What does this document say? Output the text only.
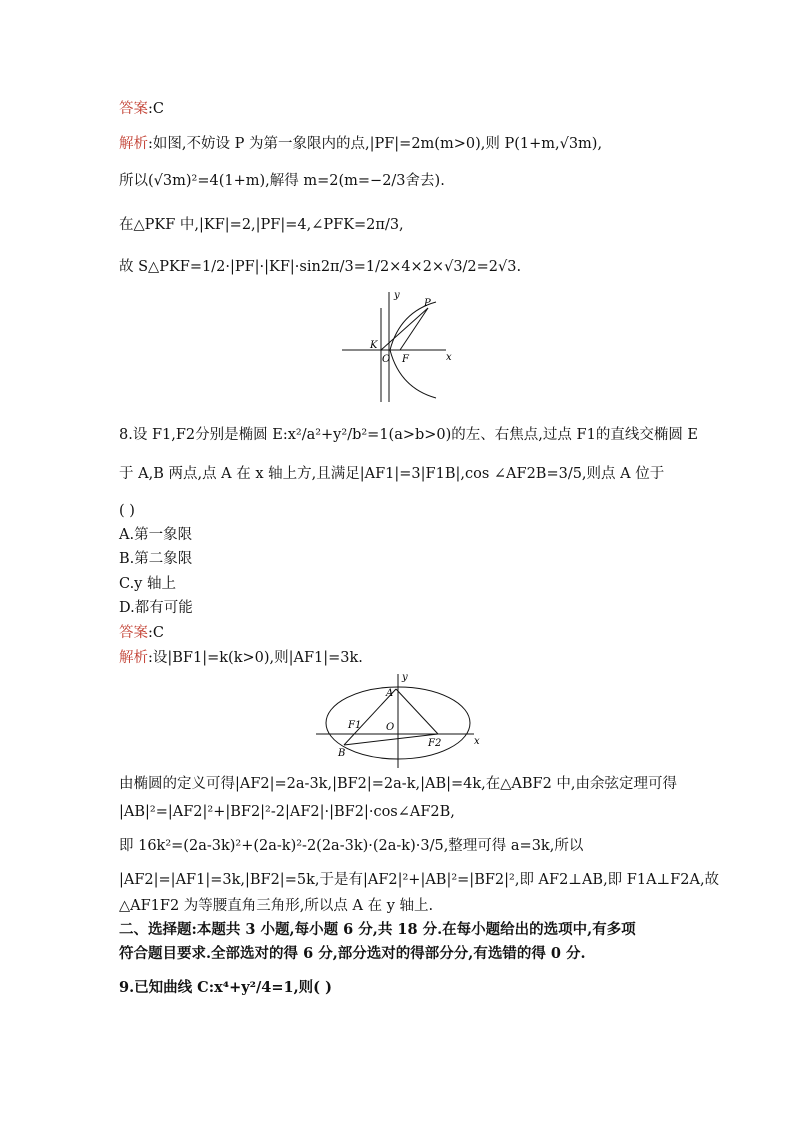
答案:C
解析:如图,不妨设 P 为第一象限内的点,|PF|=2m(m>0),则 P(1+m,√3m),
所以(√3m)²=4(1+m),解得 m=2(m=−2/3舍去).
在△PKF 中,|KF|=2,|PF|=4,∠PFK=2π/3,
故 S△PKF=1/2·|PF|·|KF|·sin2π/3=1/2×4×2×√3/2=2√3.
y
x
P
K
O F
8.设 F1,F2分别是椭圆 E:x²/a²+y²/b²=1(a>b>0)的左、右焦点,过点 F1的直线交椭圆 E
于 A,B 两点,点 A 在 x 轴上方,且满足|AF1|=3|F1B|,cos ∠AF2B=3/5,则点 A 位于
( )
A.第一象限
B.第二象限
C.y 轴上
D.都有可能
答案:C
解析:设|BF1|=k(k>0),则|AF1|=3k.
y
x
A
F1 O
F2
B
由椭圆的定义可得|AF2|=2a-3k,|BF2|=2a-k,|AB|=4k,在△ABF2 中,由余弦定理可得
|AB|²=|AF2|²+|BF2|²-2|AF2|·|BF2|·cos∠AF2B,
即 16k²=(2a-3k)²+(2a-k)²-2(2a-3k)·(2a-k)·3/5,整理可得 a=3k,所以
|AF2|=|AF1|=3k,|BF2|=5k,于是有|AF2|²+|AB|²=|BF2|²,即 AF2⊥AB,即 F1A⊥F2A,故
△AF1F2 为等腰直角三角形,所以点 A 在 y 轴上.
二、选择题:本题共 3 小题,每小题 6 分,共 18 分.在每小题给出的选项中,有多项
符合题目要求.全部选对的得 6 分,部分选对的得部分分,有选错的得 0 分.
9.已知曲线 C:x⁴+y²/4=1,则( )
